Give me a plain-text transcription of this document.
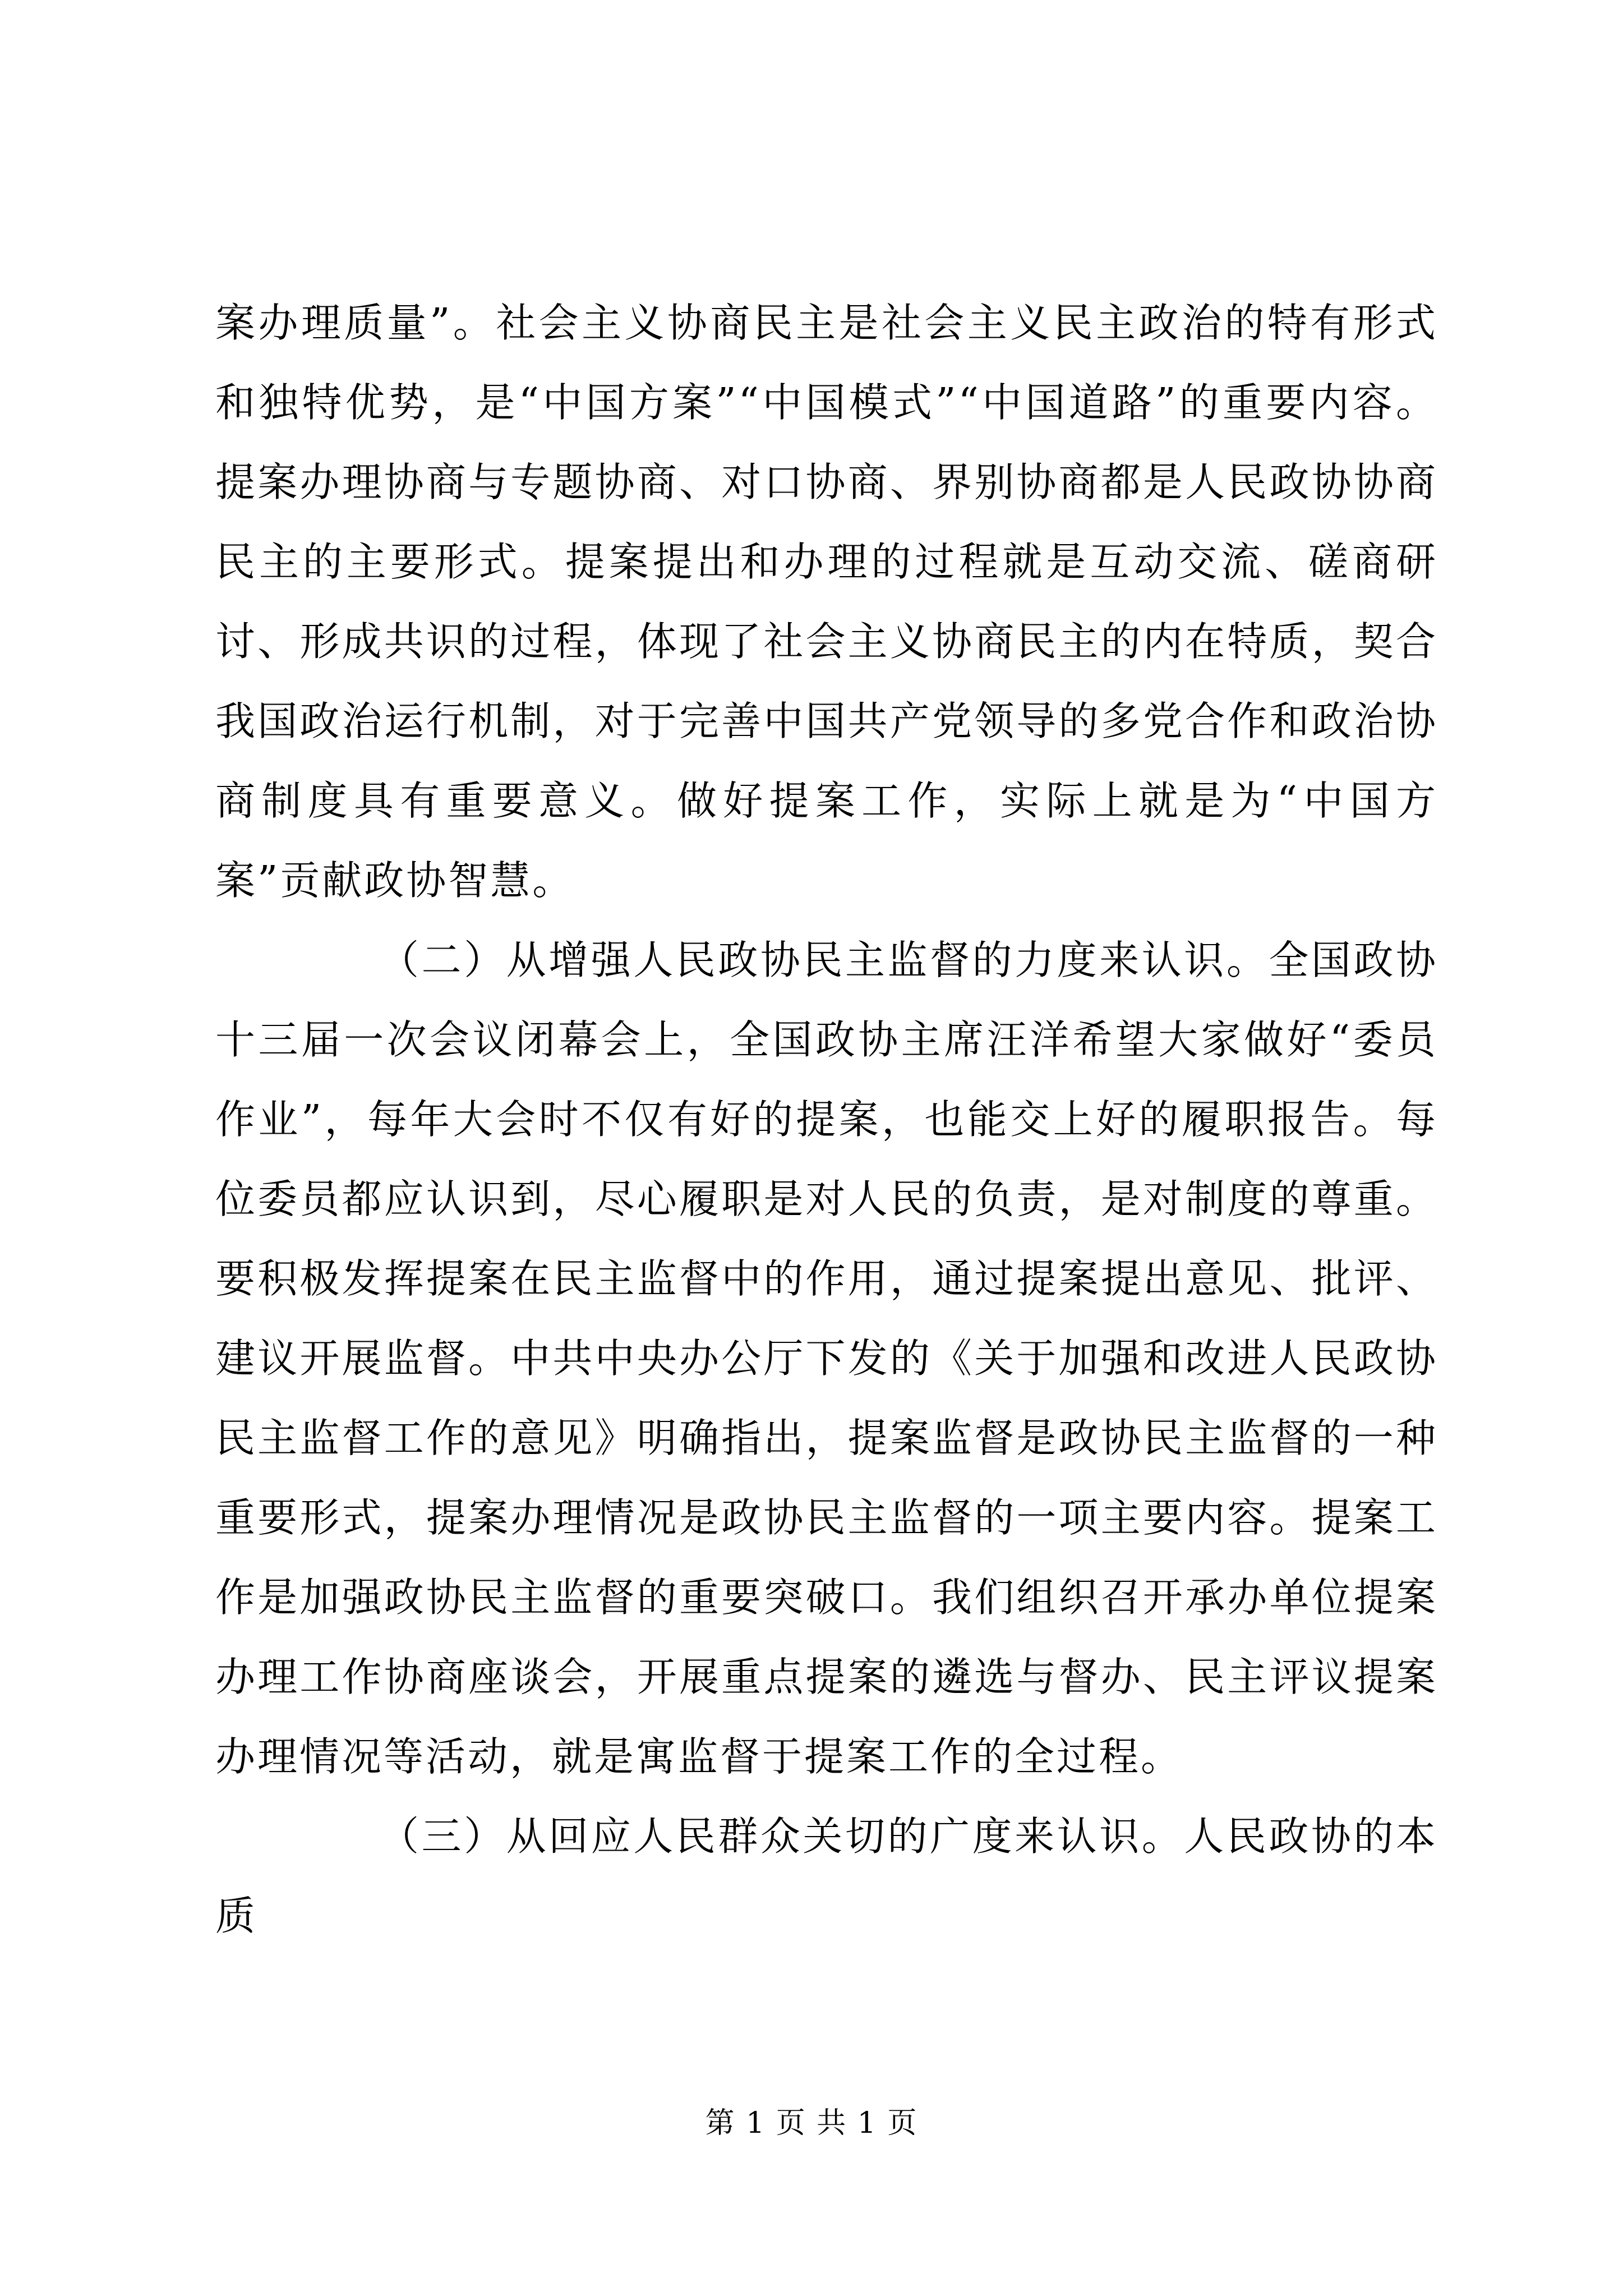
案办理质量”。社会主义协商民主是社会主义民主政治的特有形式和独特优势，是“中国方案”“中国模式”“中国道路”的重要内容。提案办理协商与专题协商、对口协商、界别协商都是人民政协协商民主的主要形式。提案提出和办理的过程就是互动交流、磋商研讨、形成共识的过程，体现了社会主义协商民主的内在特质，契合我国政治运行机制，对于完善中国共产党领导的多党合作和政治协商制度具有重要意义。做好提案工作，实际上就是为“中国方案”贡献政协智慧。

（二）从增强人民政协民主监督的力度来认识。全国政协十三届一次会议闭幕会上，全国政协主席汪洋希望大家做好“委员作业”，每年大会时不仅有好的提案，也能交上好的履职报告。每位委员都应认识到，尽心履职是对人民的负责，是对制度的尊重。要积极发挥提案在民主监督中的作用，通过提案提出意见、批评、建议开展监督。中共中央办公厅下发的《关于加强和改进人民政协民主监督工作的意见》明确指出，提案监督是政协民主监督的一种重要形式，提案办理情况是政协民主监督的一项主要内容。提案工作是加强政协民主监督的重要突破口。我们组织召开承办单位提案办理工作协商座谈会，开展重点提案的遴选与督办、民主评议提案办理情况等活动，就是寓监督于提案工作的全过程。

（三）从回应人民群众关切的广度来认识。人民政协的本质

第 1 页 共 1 页
